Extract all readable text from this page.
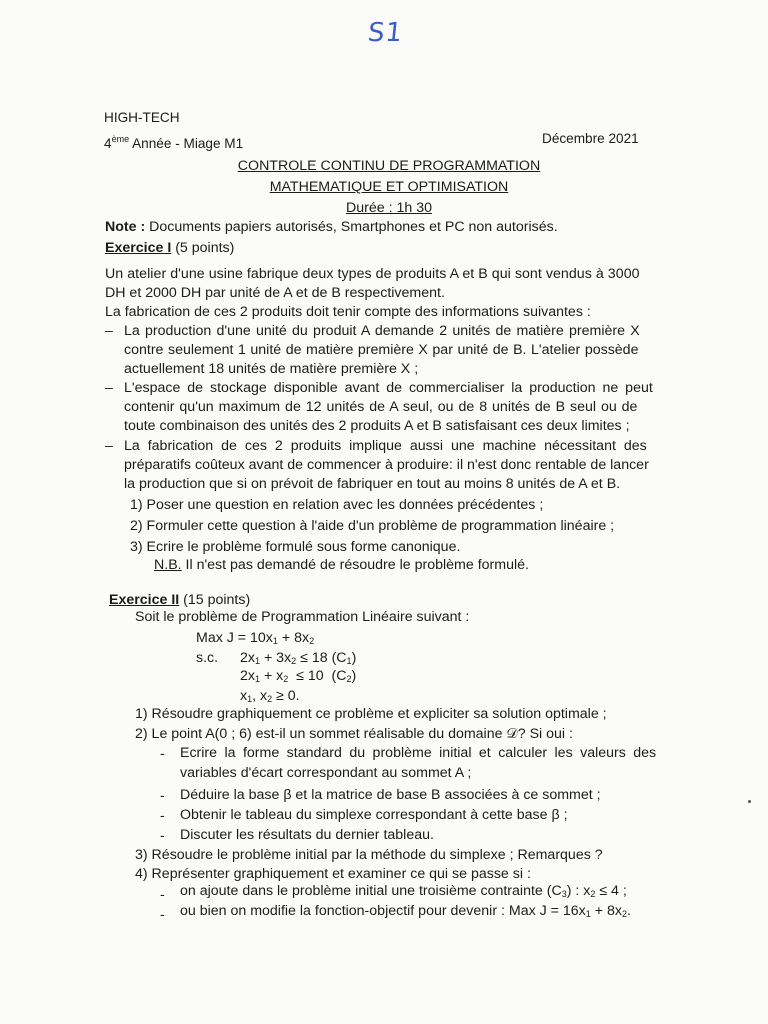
S1
HIGH-TECH
4ème Année - Miage M1	Décembre 2021
CONTROLE CONTINU DE PROGRAMMATION
MATHEMATIQUE ET OPTIMISATION
Durée : 1h 30
Note : Documents papiers autorisés, Smartphones et PC non autorisés.
Exercice I (5 points)
Un atelier d'une usine fabrique deux types de produits A et B qui sont vendus à 3000
DH et 2000 DH par unité de A et de B respectivement.
La fabrication de ces 2 produits doit tenir compte des informations suivantes :
– La production d'une unité du produit A demande 2 unités de matière première X
contre seulement 1 unité de matière première X par unité de B. L'atelier possède
actuellement 18 unités de matière première X ;
– L'espace de stockage disponible avant de commercialiser la production ne peut
contenir qu'un maximum de 12 unités de A seul, ou de 8 unités de B seul ou de
toute combinaison des unités des 2 produits A et B satisfaisant ces deux limites ;
– La fabrication de ces 2 produits implique aussi une machine nécessitant des
préparatifs coûteux avant de commencer à produire: il n'est donc rentable de lancer
la production que si on prévoit de fabriquer en tout au moins 8 unités de A et B.
1) Poser une question en relation avec les données précédentes ;
2) Formuler cette question à l'aide d'un problème de programmation linéaire ;
3) Ecrire le problème formulé sous forme canonique.
N.B. Il n'est pas demandé de résoudre le problème formulé.
Exercice II (15 points)
Soit le problème de Programmation Linéaire suivant :
Max $J = 10x_1 + 8x_2$
s.c. $2x_1 + 3x_2 \le 18$ $(C_1)$
$2x_1 + x_2 \le 10$  $(C_2)$
$x_1$, $x_2 \ge 0$.
1) Résoudre graphiquement ce problème et expliciter sa solution optimale ;
2) Le point A(0 ; 6) est-il un sommet réalisable du domaine 𝒟? Si oui :
- Ecrire la forme standard du problème initial et calculer les valeurs des
variables d'écart correspondant au sommet A ;
- Déduire la base β et la matrice de base B associées à ce sommet ;
- Obtenir le tableau du simplexe correspondant à cette base β ;
- Discuter les résultats du dernier tableau.
3) Résoudre le problème initial par la méthode du simplexe ; Remarques ?
4) Représenter graphiquement et examiner ce qui se passe si :
- on ajoute dans le problème initial une troisième contrainte $(C_3)$ : $x_2 \le 4$ ;
- ou bien on modifie la fonction-objectif pour devenir : Max $J = 16x_1 + 8x_2$.
